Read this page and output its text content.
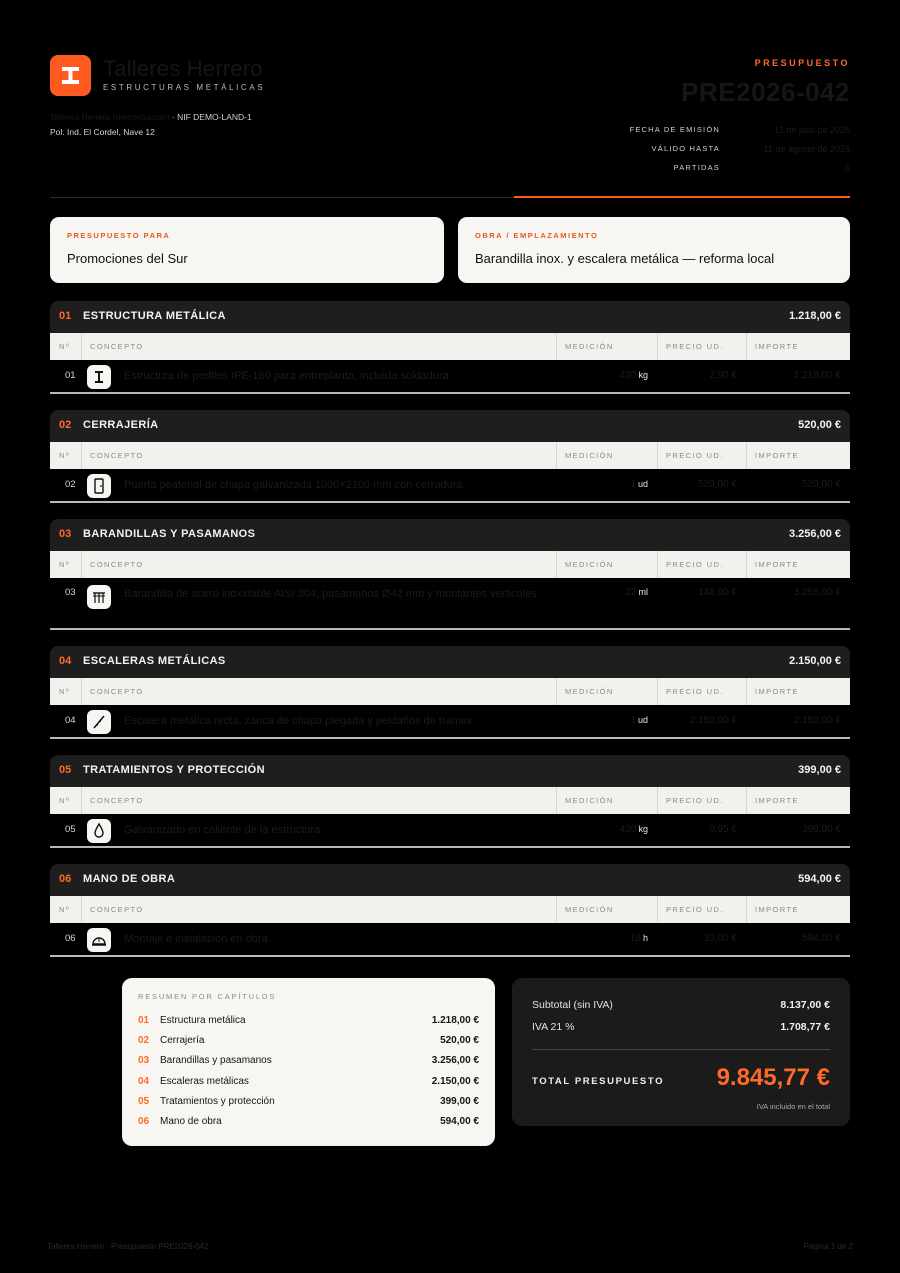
Talleres Herrero
ESTRUCTURAS METÁLICAS
Talleres Herrero (demostración) · NIF DEMO-LAND-1
Pol. Ind. El Cordel, Nave 12
PRESUPUESTO
PRE2026-042
FECHA DE EMISIÓN	12 de julio de 2026
VÁLIDO HASTA	11 de agosto de 2026
PARTIDAS	6
PRESUPUESTO PARA
Promociones del Sur
OBRA / EMPLAZAMIENTO
Barandilla inox. y escalera metálica — reforma local
01 ESTRUCTURA METÁLICA	1.218,00 €
Nº	CONCEPTO	MEDICIÓN	PRECIO UD.	IMPORTE
01	Estructura de perfiles IPE-160 para entreplanta, incluida soldadura	420 kg	2,90 €	1.218,00 €
02 CERRAJERÍA	520,00 €
Nº	CONCEPTO	MEDICIÓN	PRECIO UD.	IMPORTE
02	Puerta peatonal de chapa galvanizada 1000×2100 mm con cerradura	1 ud	520,00 €	520,00 €
03 BARANDILLAS Y PASAMANOS	3.256,00 €
Nº	CONCEPTO	MEDICIÓN	PRECIO UD.	IMPORTE
03	Barandilla de acero inoxidable AISI 304, pasamanos Ø42 mm y montantes verticales	22 ml	148,00 €	3.256,00 €
04 ESCALERAS METÁLICAS	2.150,00 €
Nº	CONCEPTO	MEDICIÓN	PRECIO UD.	IMPORTE
04	Escalera metálica recta, zanca de chapa plegada y peldaños de tramex	1 ud	2.150,00 €	2.150,00 €
05 TRATAMIENTOS Y PROTECCIÓN	399,00 €
Nº	CONCEPTO	MEDICIÓN	PRECIO UD.	IMPORTE
05	Galvanizado en caliente de la estructura	420 kg	0,95 €	399,00 €
06 MANO DE OBRA	594,00 €
Nº	CONCEPTO	MEDICIÓN	PRECIO UD.	IMPORTE
06	Montaje e instalación en obra	18 h	33,00 €	594,00 €
RESUMEN POR CAPÍTULOS
01 Estructura metálica	1.218,00 €
02 Cerrajería	520,00 €
03 Barandillas y pasamanos	3.256,00 €
04 Escaleras metálicas	2.150,00 €
05 Tratamientos y protección	399,00 €
06 Mano de obra	594,00 €
Subtotal (sin IVA)	8.137,00 €
IVA 21 %	1.708,77 €
TOTAL PRESUPUESTO 9.845,77 €
IVA incluido en el total
Talleres Herrero · Presupuesto PRE2026-042	Página 1 de 2
